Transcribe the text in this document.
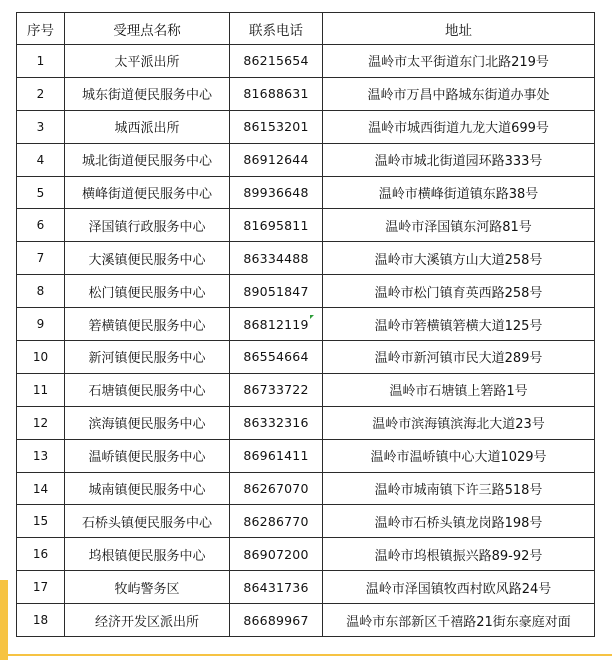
序号	受理点名称	联系电话	地址
1	太平派出所	86215654	温岭市太平街道东门北路219号
2	城东街道便民服务中心	81688631	温岭市万昌中路城东街道办事处
3	城西派出所	86153201	温岭市城西街道九龙大道699号
4	城北街道便民服务中心	86912644	温岭市城北街道园环路333号
5	横峰街道便民服务中心	89936648	温岭市横峰街道镇东路38号
6	泽国镇行政服务中心	81695811	温岭市泽国镇东河路81号
7	大溪镇便民服务中心	86334488	温岭市大溪镇方山大道258号
8	松门镇便民服务中心	89051847	温岭市松门镇育英西路258号
9	箬横镇便民服务中心	86812119	温岭市箬横镇箬横大道125号
10	新河镇便民服务中心	86554664	温岭市新河镇市民大道289号
11	石塘镇便民服务中心	86733722	温岭市石塘镇上箬路1号
12	滨海镇便民服务中心	86332316	温岭市滨海镇滨海北大道23号
13	温峤镇便民服务中心	86961411	温岭市温峤镇中心大道1029号
14	城南镇便民服务中心	86267070	温岭市城南镇下许三路518号
15	石桥头镇便民服务中心	86286770	温岭市石桥头镇龙岗路198号
16	坞根镇便民服务中心	86907200	温岭市坞根镇振兴路89-92号
17	牧屿警务区	86431736	温岭市泽国镇牧西村欧风路24号
18	经济开发区派出所	86689967	温岭市东部新区千禧路21街东豪庭对面
